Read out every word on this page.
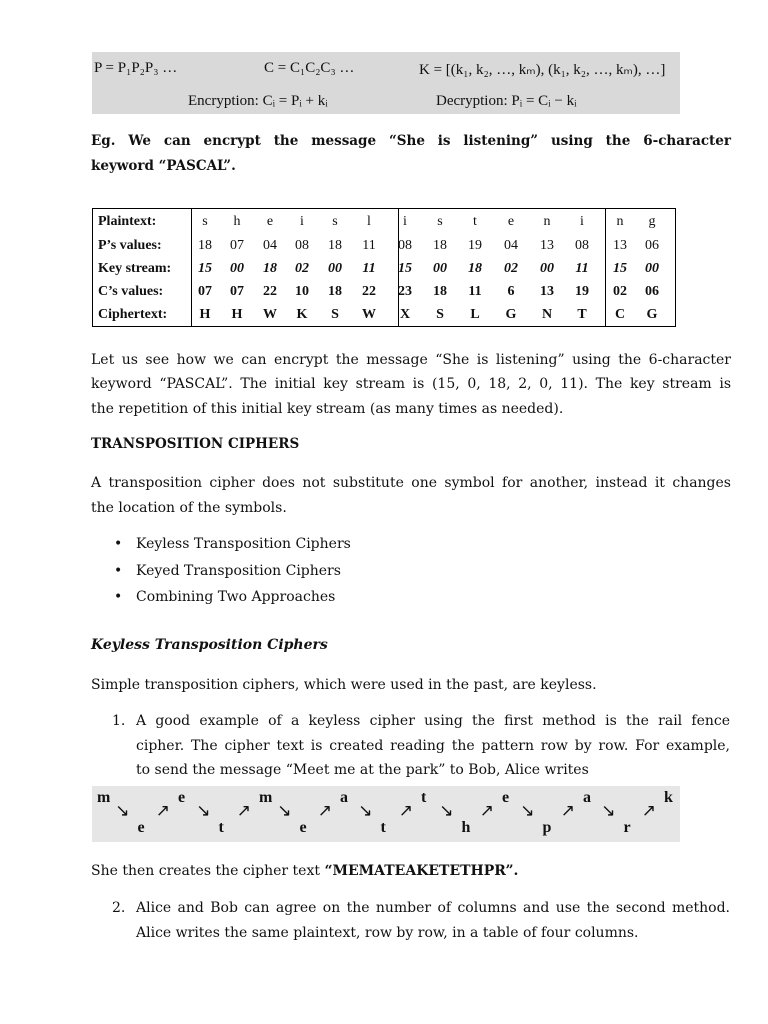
P = P₁P₂P₃ …	C = C₁C₂C₃ …	K = [(k₁, k₂, …, kₘ), (k₁, k₂, …, kₘ), …]
Encryption: Cᵢ = Pᵢ + kᵢ	Decryption: Pᵢ = Cᵢ − kᵢ
Eg. We can encrypt the message “She is listening” using the 6-character
keyword “PASCAL”.
Plaintext:	s	h	e	i	s	l	i	s	t	e	n	i	n	g
P’s values:	18	07	04	08	18	11	08	18	19	04	13	08	13	06
Key stream:	15	00	18	02	00	11	15	00	18	02	00	11	15	00
C’s values:	07	07	22	10	18	22	23	18	11	6	13	19	02	06
Ciphertext:	H	H	W	K	S	W	X	S	L	G	N	T	C	G
Let us see how we can encrypt the message “She is listening” using the 6-character
keyword “PASCAL”. The initial key stream is (15, 0, 18, 2, 0, 11). The key stream is
the repetition of this initial key stream (as many times as needed).
TRANSPOSITION CIPHERS
A transposition cipher does not substitute one symbol for another, instead it changes
the location of the symbols.
• Keyless Transposition Ciphers
• Keyed Transposition Ciphers
• Combining Two Approaches
Keyless Transposition Ciphers
Simple transposition ciphers, which were used in the past, are keyless.
1. A good example of a keyless cipher using the first method is the rail fence
cipher. The cipher text is created reading the pattern row by row. For example,
to send the message “Meet me at the park” to Bob, Alice writes
m
↘
e
↗
e
↘
t
↗
m
↘
e
↗
a
↘
t
↗
t
↘
h
↗
e
↘
p
↗
a
↘
r
↗
k
She then creates the cipher text “MEMATEAKETETHPR”.
2. Alice and Bob can agree on the number of columns and use the second method.
Alice writes the same plaintext, row by row, in a table of four columns.
